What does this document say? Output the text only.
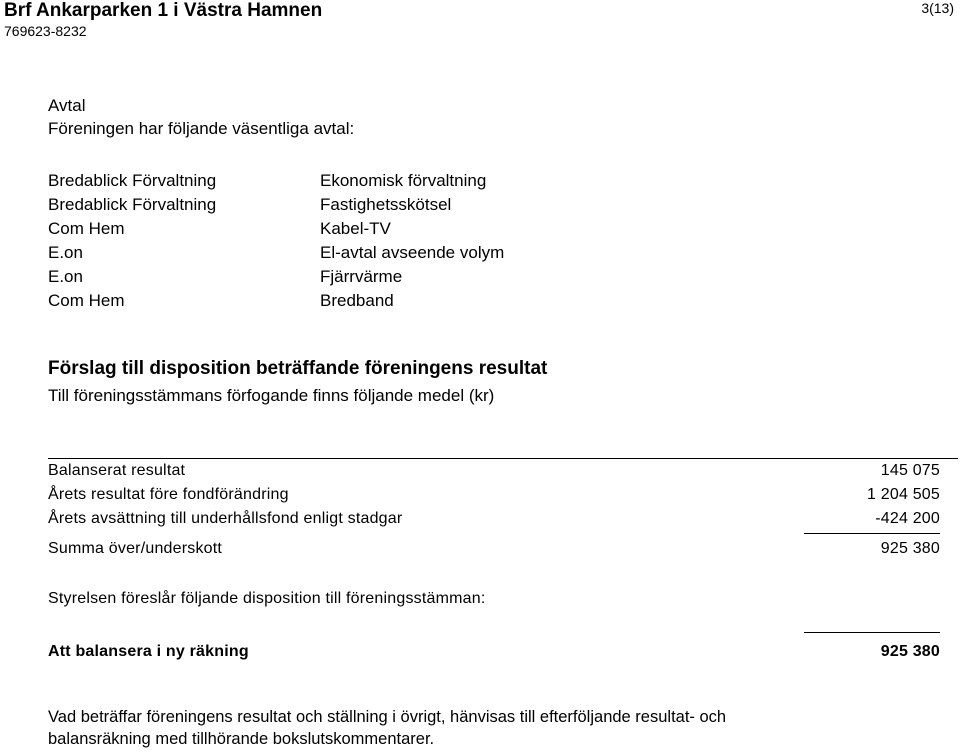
Brf Ankarparken 1 i Västra Hamnen
769623-8232
3(13)
Avtal
Föreningen har följande väsentliga avtal:
Bredablick Förvaltning	Ekonomisk förvaltning
Bredablick Förvaltning	Fastighetsskötsel
Com Hem	Kabel-TV
E.on	El-avtal avseende volym
E.on	Fjärrvärme
Com Hem	Bredband
Förslag till disposition beträffande föreningens resultat
Till föreningsstämmans förfogande finns följande medel (kr)
Balanserat resultat	145 075
Årets resultat före fondförändring	1 204 505
Årets avsättning till underhållsfond enligt stadgar	-424 200
Summa över/underskott	925 380
Styrelsen föreslår följande disposition till föreningsstämman:
Att balansera i ny räkning	925 380
Vad beträffar föreningens resultat och ställning i övrigt, hänvisas till efterföljande resultat- och
balansräkning med tillhörande bokslutskommentarer.
